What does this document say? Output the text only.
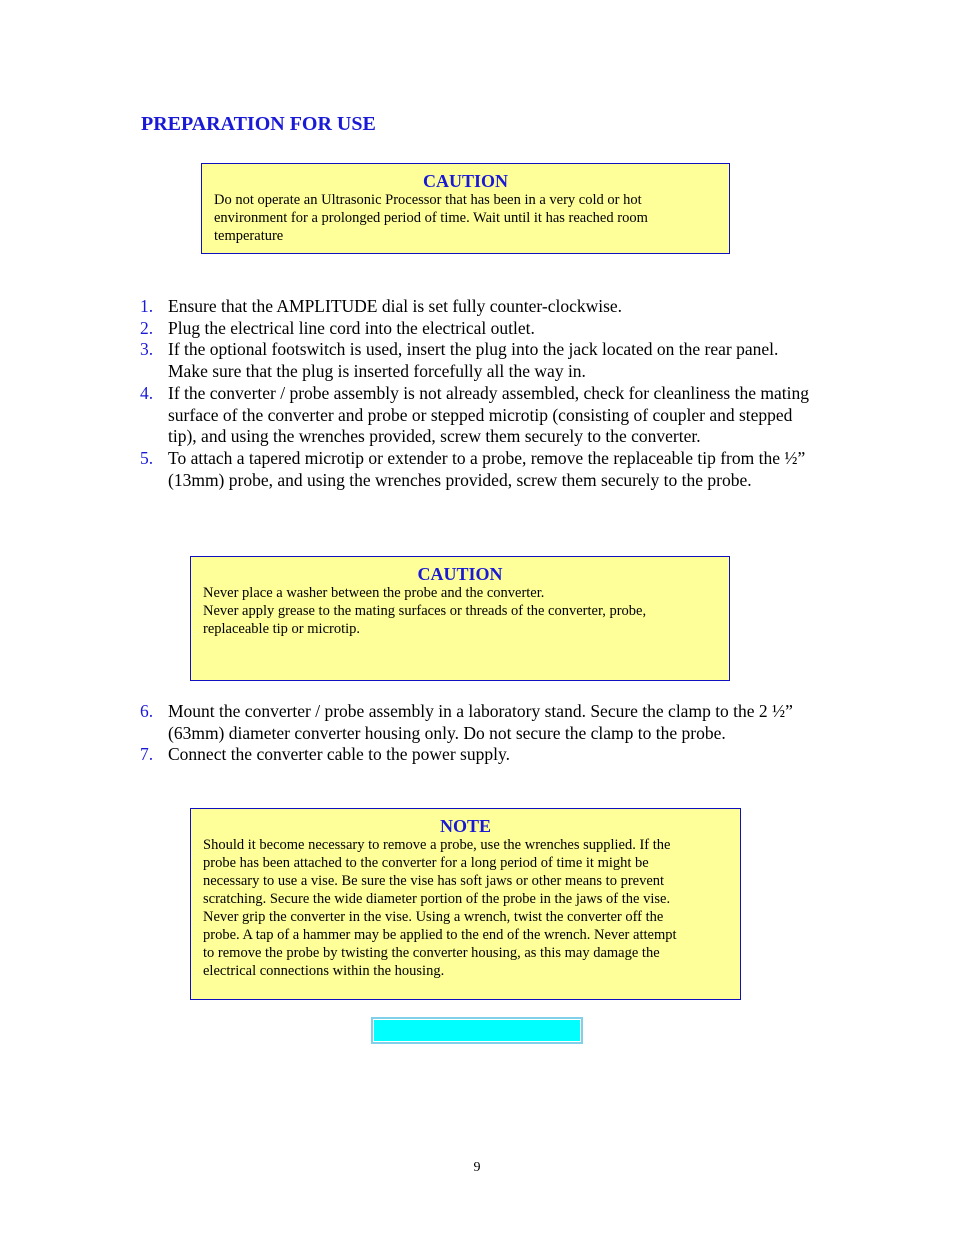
PREPARATION FOR USE
CAUTION
Do not operate an Ultrasonic Processor that has been in a very cold or hot
environment for a prolonged period of time. Wait until it has reached room
temperature
1. Ensure that the AMPLITUDE dial is set fully counter-clockwise.
2. Plug the electrical line cord into the electrical outlet.
3. If the optional footswitch is used, insert the plug into the jack located on the rear panel. Make sure that the plug is inserted forcefully all the way in.
4. If the converter / probe assembly is not already assembled, check for cleanliness the mating surface of the converter and probe or stepped microtip (consisting of coupler and stepped tip), and using the wrenches provided, screw them securely to the converter.
5. To attach a tapered microtip or extender to a probe, remove the replaceable tip from the ½” (13mm) probe, and using the wrenches provided, screw them securely to the probe.
CAUTION
Never place a washer between the probe and the converter.
Never apply grease to the mating surfaces or threads of the converter, probe,
replaceable tip or microtip.
6. Mount the converter / probe assembly in a laboratory stand. Secure the clamp to the 2 ½” (63mm) diameter converter housing only. Do not secure the clamp to the probe.
7. Connect the converter cable to the power supply.
NOTE
Should it become necessary to remove a probe, use the wrenches supplied. If the
probe has been attached to the converter for a long period of time it might be
necessary to use a vise. Be sure the vise has soft jaws or other means to prevent
scratching. Secure the wide diameter portion of the probe in the jaws of the vise.
Never grip the converter in the vise. Using a wrench, twist the converter off the
probe. A tap of a hammer may be applied to the end of the wrench. Never attempt
to remove the probe by twisting the converter housing, as this may damage the
electrical connections within the housing.
9
